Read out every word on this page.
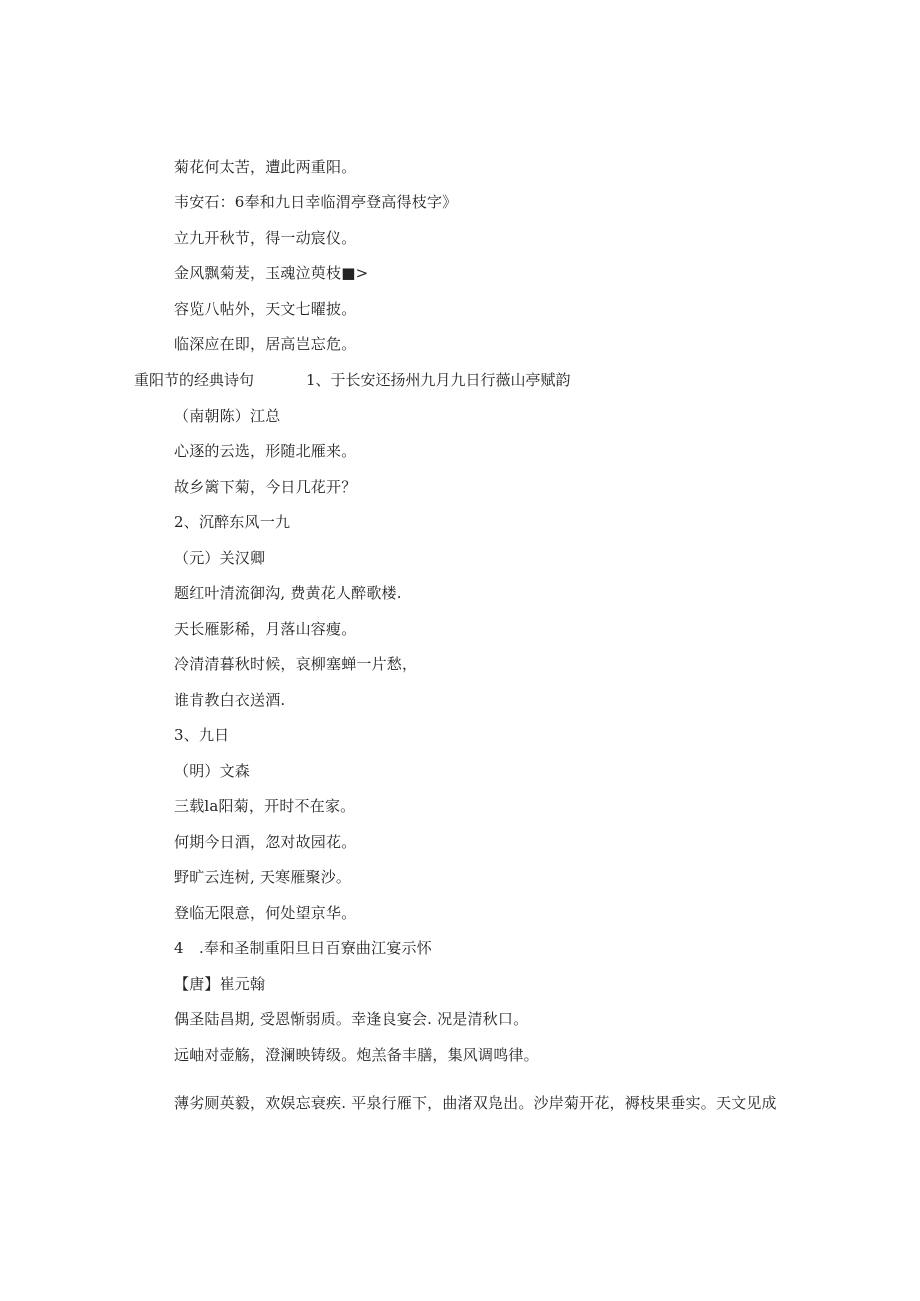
菊花何太苦，遭此两重阳。
韦安石：6奉和九日幸临渭亭登高得枝字》
立九开秋节，得一动宸仪。
金风飘菊茇，玉魂泣萸枝■>
容览八帖外，天文七曜披。
临深应在即，居高岂忘危。
重阳节的经典诗句	1、于长安还扬州九月九日行薇山亭赋韵
（南朝陈）江总
心逐的云选，形随北雁来。
故乡篱下菊，今日几花开？
2、沉醉东风一九
（元）关汉卿
题红叶清流御沟, 费黄花人醉歌楼.
天长雁影稀，月落山容瘦。
冷清清暮秋时候，哀柳塞蝉一片愁，
谁肯教白衣送酒.
3、九日
（明）文森
三载la阳菊，开时不在家。
何期今日酒，忽对故园花。
野旷云连树, 天寒雁聚沙。
登临无限意，何处望京华。
4　.奉和圣制重阳旦日百寮曲江宴示怀
【唐】崔元翰
偶圣陆昌期, 受恩惭弱质。幸逢良宴会. 况是清秋口。
远岫对壶觞，澄澜映铸级。炮羔备丰膳，集风调鸣律。
薄劣厕英毅，欢娱忘衰疾. 平泉行雁下，曲渚双凫出。沙岸菊开花，褥枝果垂实。天文见成
